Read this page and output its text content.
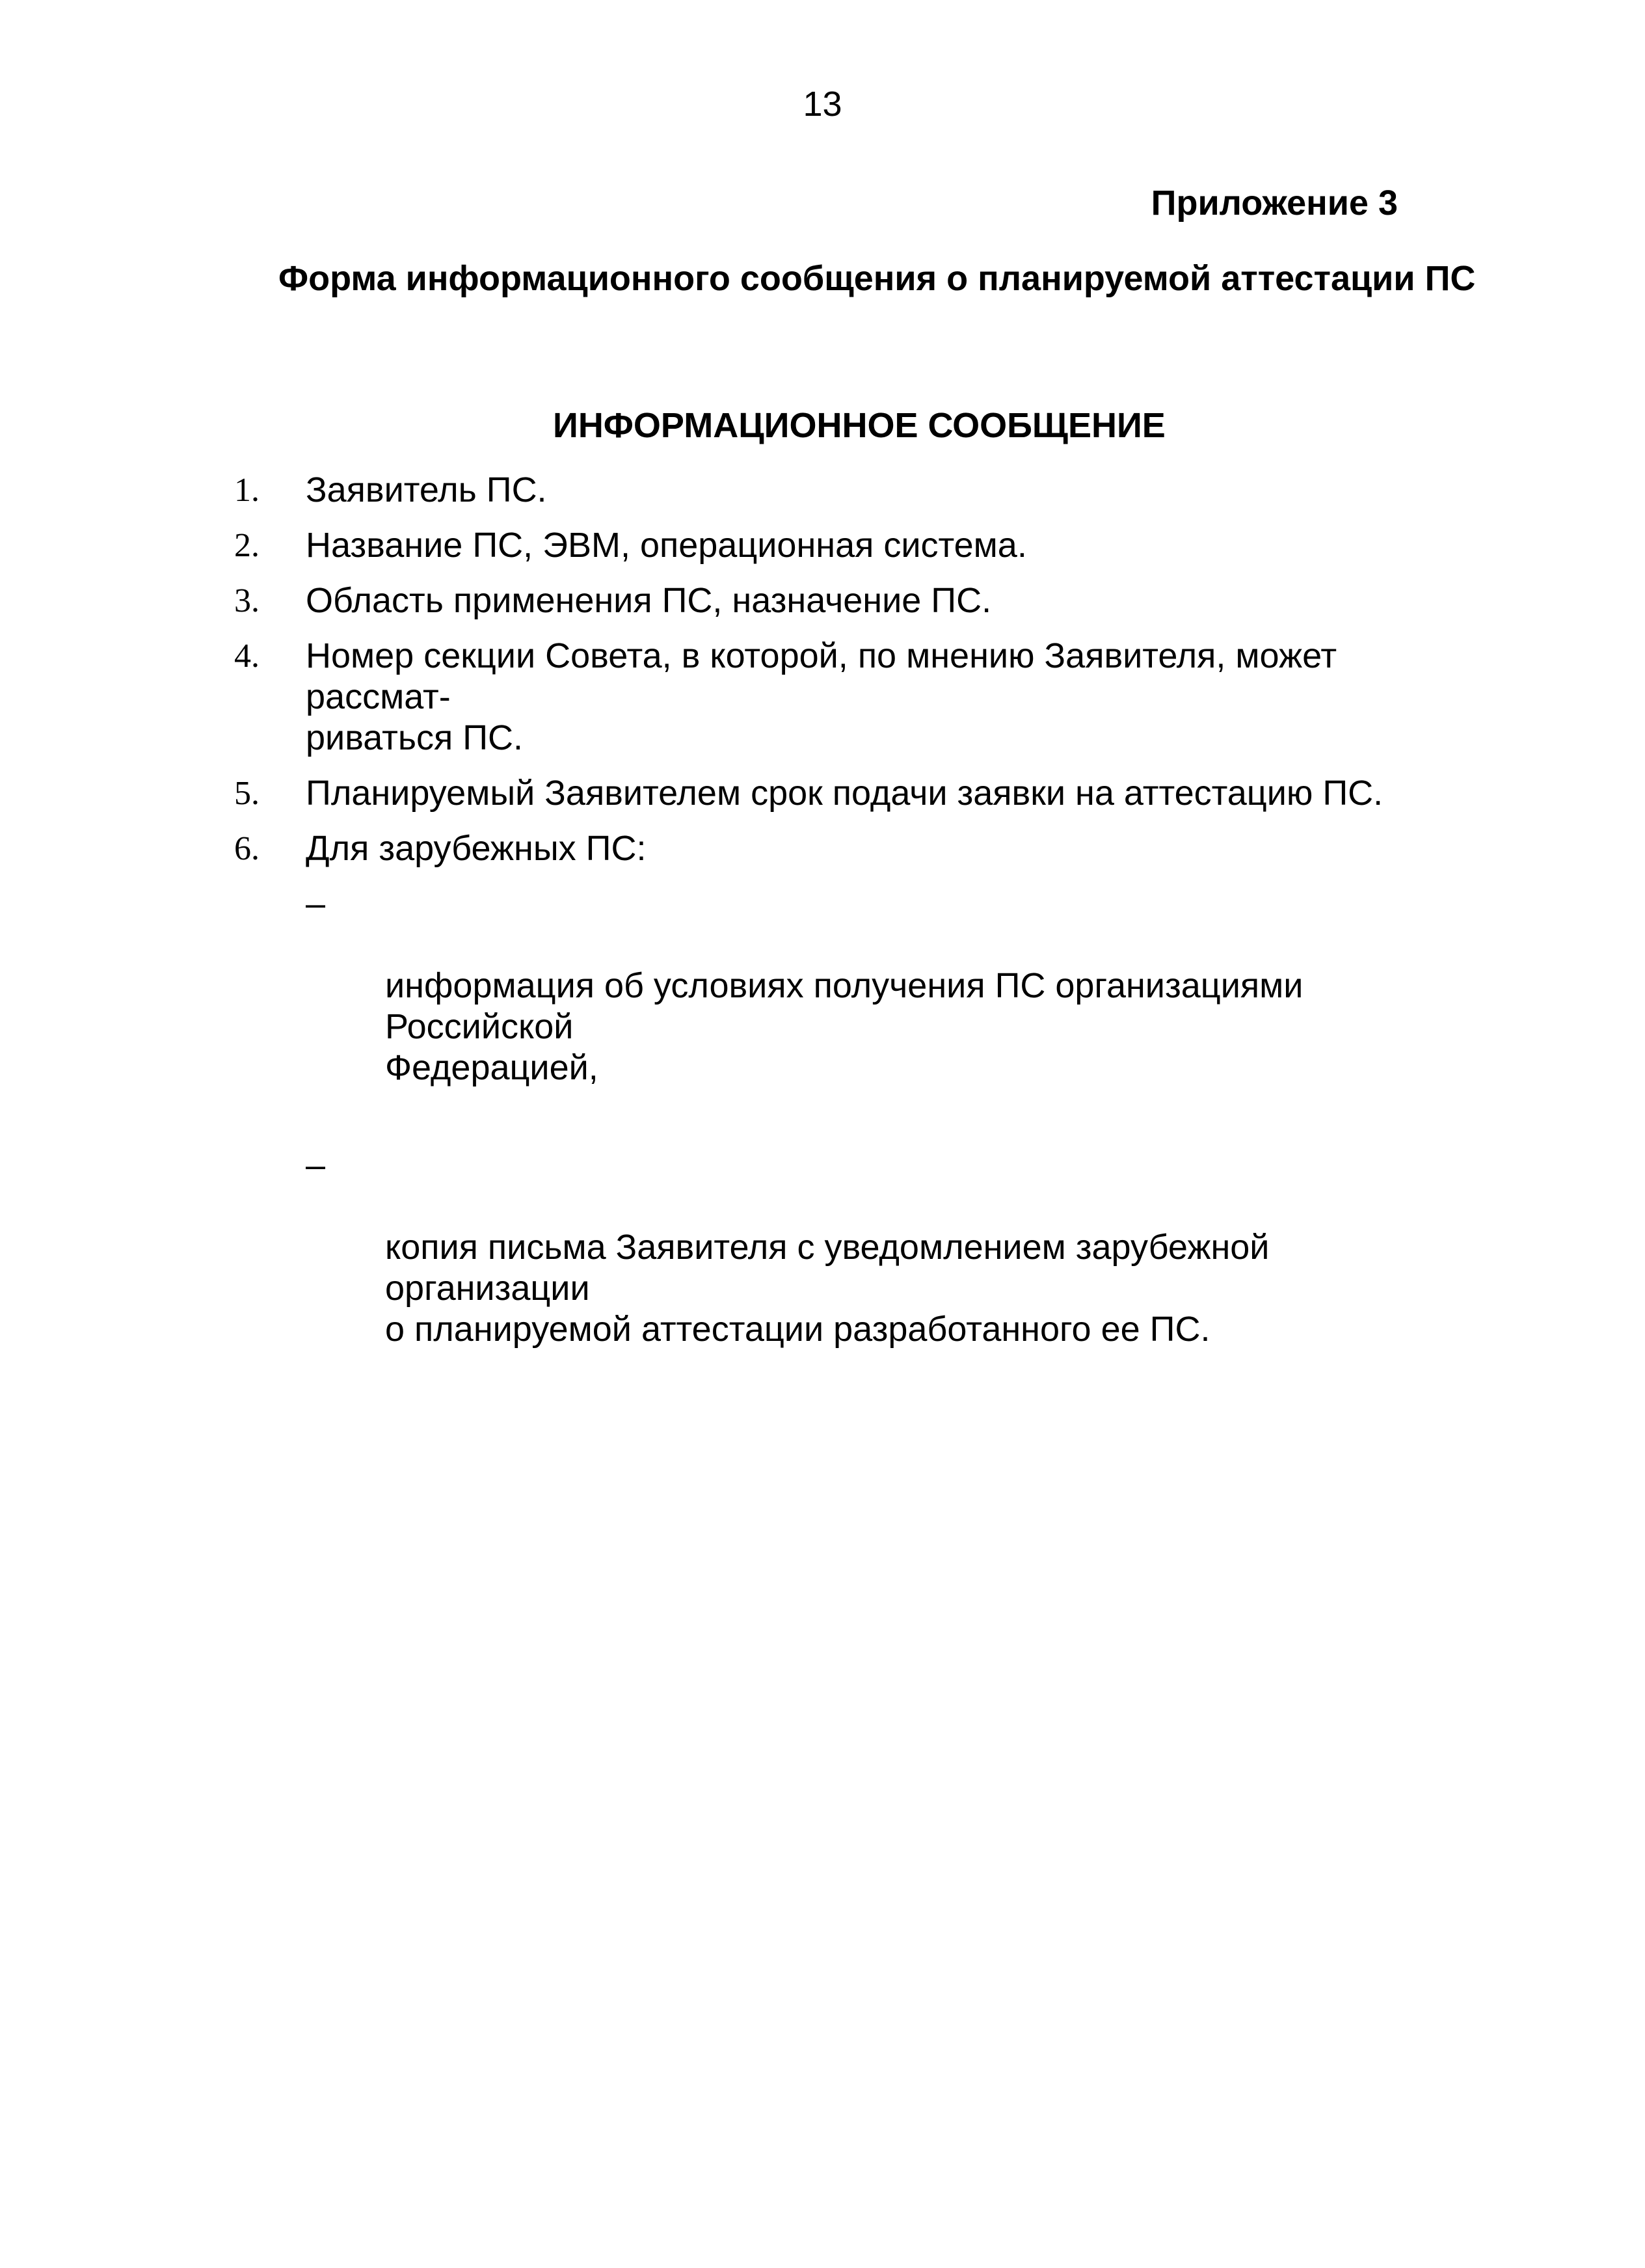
13
Приложение 3
Форма информационного сообщения о планируемой аттестации ПС
ИНФОРМАЦИОННОЕ СООБЩЕНИЕ
1. Заявитель ПС.
2. Название ПС, ЭВМ, операционная система.
3. Область применения ПС, назначение ПС.
4. Номер секции Совета, в которой, по мнению Заявителя, может рассмат-
риваться ПС.
5. Планируемый Заявителем срок подачи заявки на аттестацию ПС.
6. Для зарубежных ПС:

–

информация об условиях получения ПС организациями Российской
Федерацией,

–

копия письма Заявителя с уведомлением зарубежной организации
о планируемой аттестации разработанного ее ПС.
